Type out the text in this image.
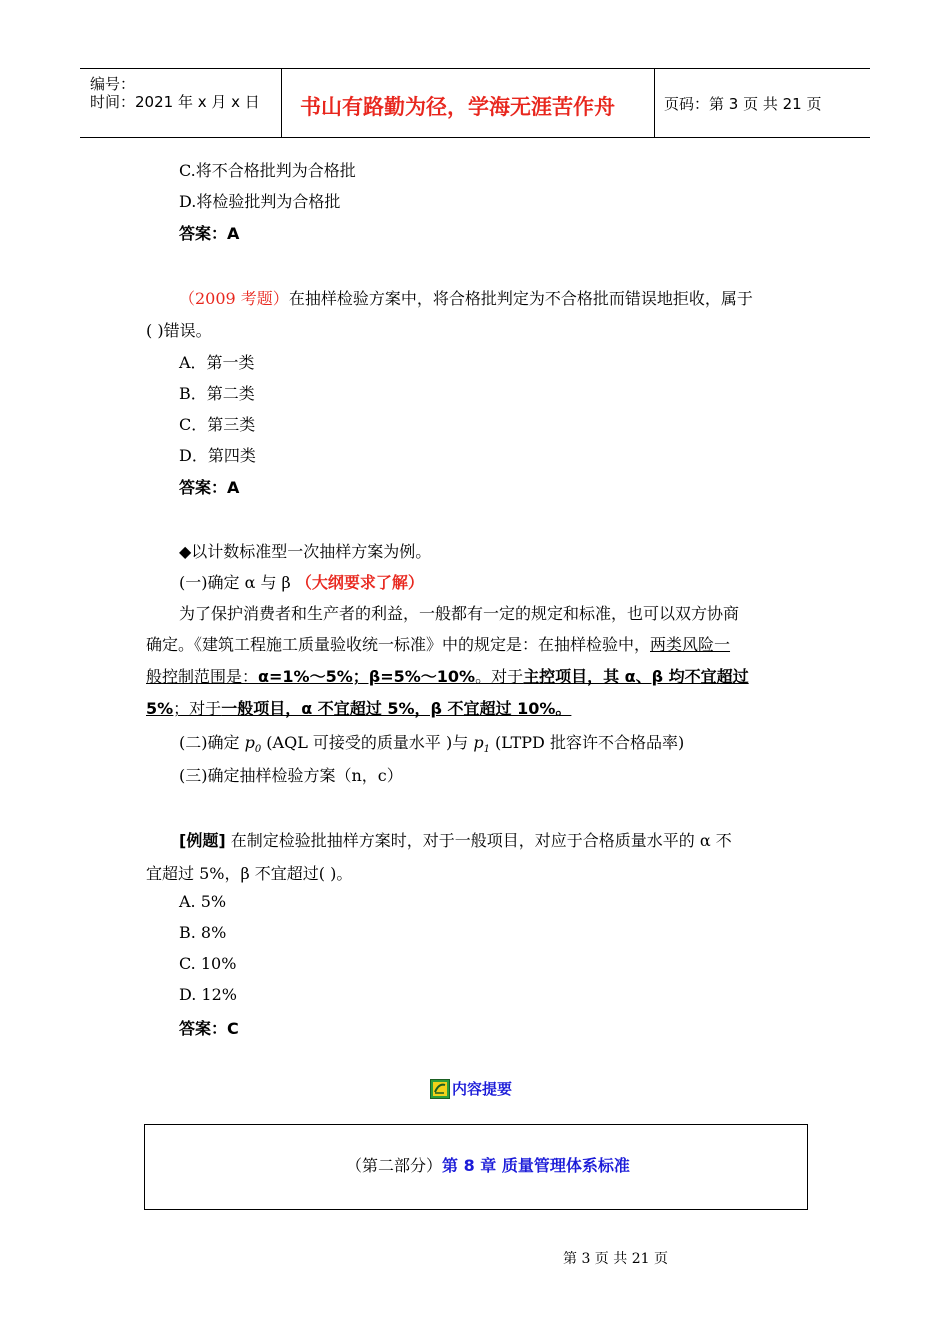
编号：
时间：2021 年 x 月 x 日 书山有路勤为径，学海无涯苦作舟	页码：第 3 页 共 21 页
C.将不合格批判为合格批
D.将检验批判为合格批
答案：A
（2009 考题）在抽样检验方案中，将合格批判定为不合格批而错误地拒收，属于
( )错误。
A．第一类
B．第二类
C．第三类
D．第四类
答案：A
◆以计数标准型一次抽样方案为例。
(一)确定 α 与 β （大纲要求了解）
为了保护消费者和生产者的利益，一般都有一定的规定和标准，也可以双方协商
确定。《建筑工程施工质量验收统一标准》中的规定是：在抽样检验中，两类风险一
般控制范围是：α=1%～5%；β=5%～10%。对于主控项目，其 α、β 均不宜超过
5%；对于一般项目，α 不宜超过 5%，β 不宜超过 10%。
(二)确定 $p_0$ (AQL 可接受的质量水平 )与 $p_1$ (LTPD 批容许不合格品率)
(三)确定抽样检验方案（n，c）
[例题] 在制定检验批抽样方案时，对于一般项目，对应于合格质量水平的 α 不
宜超过 5%，β 不宜超过( )。
A. 5%
B. 8%
C. 10%
D. 12%
答案：C
内容提要
（第二部分）第 8 章 质量管理体系标准
第 3 页 共 21 页
